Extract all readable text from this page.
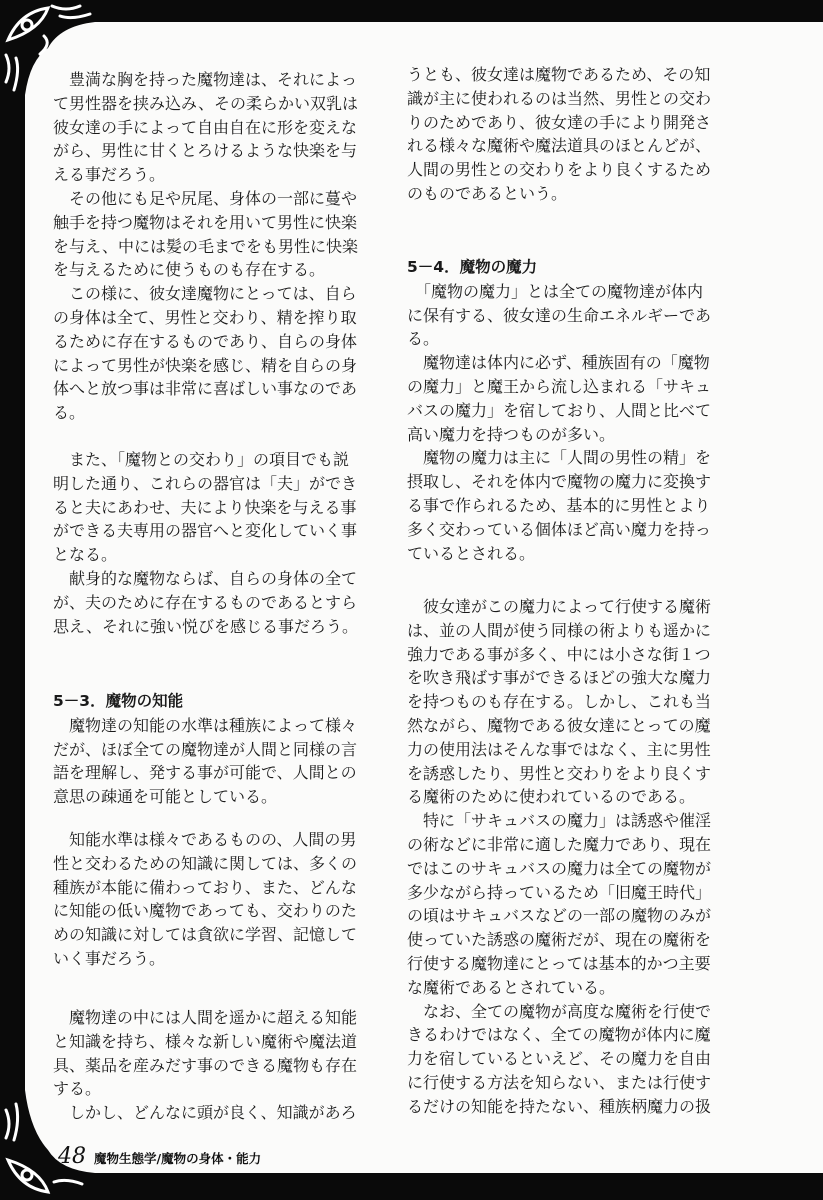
　豊満な胸を持った魔物達は、それによっ
て男性器を挟み込み、その柔らかい双乳は
彼女達の手によって自由自在に形を変えな
がら、男性に甘くとろけるような快楽を与
える事だろう。
　その他にも足や尻尾、身体の一部に蔓や
触手を持つ魔物はそれを用いて男性に快楽
を与え、中には髪の毛までをも男性に快楽
を与えるために使うものも存在する。
　この様に、彼女達魔物にとっては、自ら
の身体は全て、男性と交わり、精を搾り取
るために存在するものであり、自らの身体
によって男性が快楽を感じ、精を自らの身
体へと放つ事は非常に喜ばしい事なのであ
る。
　また、「魔物との交わり」の項目でも説
明した通り、これらの器官は「夫」ができ
ると夫にあわせ、夫により快楽を与える事
ができる夫専用の器官へと変化していく事
となる。
　献身的な魔物ならば、自らの身体の全て
が、夫のために存在するものであるとすら
思え、それに強い悦びを感じる事だろう。
5－3．魔物の知能
　魔物達の知能の水準は種族によって様々
だが、ほぼ全ての魔物達が人間と同様の言
語を理解し、発する事が可能で、人間との
意思の疎通を可能としている。
　知能水準は様々であるものの、人間の男
性と交わるための知識に関しては、多くの
種族が本能に備わっており、また、どんな
に知能の低い魔物であっても、交わりのた
めの知識に対しては貪欲に学習、記憶して
いく事だろう。
　魔物達の中には人間を遥かに超える知能
と知識を持ち、様々な新しい魔術や魔法道
具、薬品を産みだす事のできる魔物も存在
する。
　しかし、どんなに頭が良く、知識があろ
うとも、彼女達は魔物であるため、その知
識が主に使われるのは当然、男性との交わ
りのためであり、彼女達の手により開発さ
れる様々な魔術や魔法道具のほとんどが、
人間の男性との交わりをより良くするため
のものであるという。
5－4．魔物の魔力
　「魔物の魔力」とは全ての魔物達が体内
に保有する、彼女達の生命エネルギーであ
る。
　魔物達は体内に必ず、種族固有の「魔物
の魔力」と魔王から流し込まれる「サキュ
バスの魔力」を宿しており、人間と比べて
高い魔力を持つものが多い。
　魔物の魔力は主に「人間の男性の精」を
摂取し、それを体内で魔物の魔力に変換す
る事で作られるため、基本的に男性とより
多く交わっている個体ほど高い魔力を持っ
ているとされる。
　彼女達がこの魔力によって行使する魔術
は、並の人間が使う同様の術よりも遥かに
強力である事が多く、中には小さな街１つ
を吹き飛ばす事ができるほどの強大な魔力
を持つものも存在する。しかし、これも当
然ながら、魔物である彼女達にとっての魔
力の使用法はそんな事ではなく、主に男性
を誘惑したり、男性と交わりをより良くす
る魔術のために使われているのである。
　特に「サキュバスの魔力」は誘惑や催淫
の術などに非常に適した魔力であり、現在
ではこのサキュバスの魔力は全ての魔物が
多少ながら持っているため「旧魔王時代」
の頃はサキュバスなどの一部の魔物のみが
使っていた誘惑の魔術だが、現在の魔術を
行使する魔物達にとっては基本的かつ主要
な魔術であるとされている。
　なお、全ての魔物が高度な魔術を行使で
きるわけではなく、全ての魔物が体内に魔
力を宿しているといえど、その魔力を自由
に行使する方法を知らない、または行使す
るだけの知能を持たない、種族柄魔力の扱
48 魔物生態学/魔物の身体・能力
